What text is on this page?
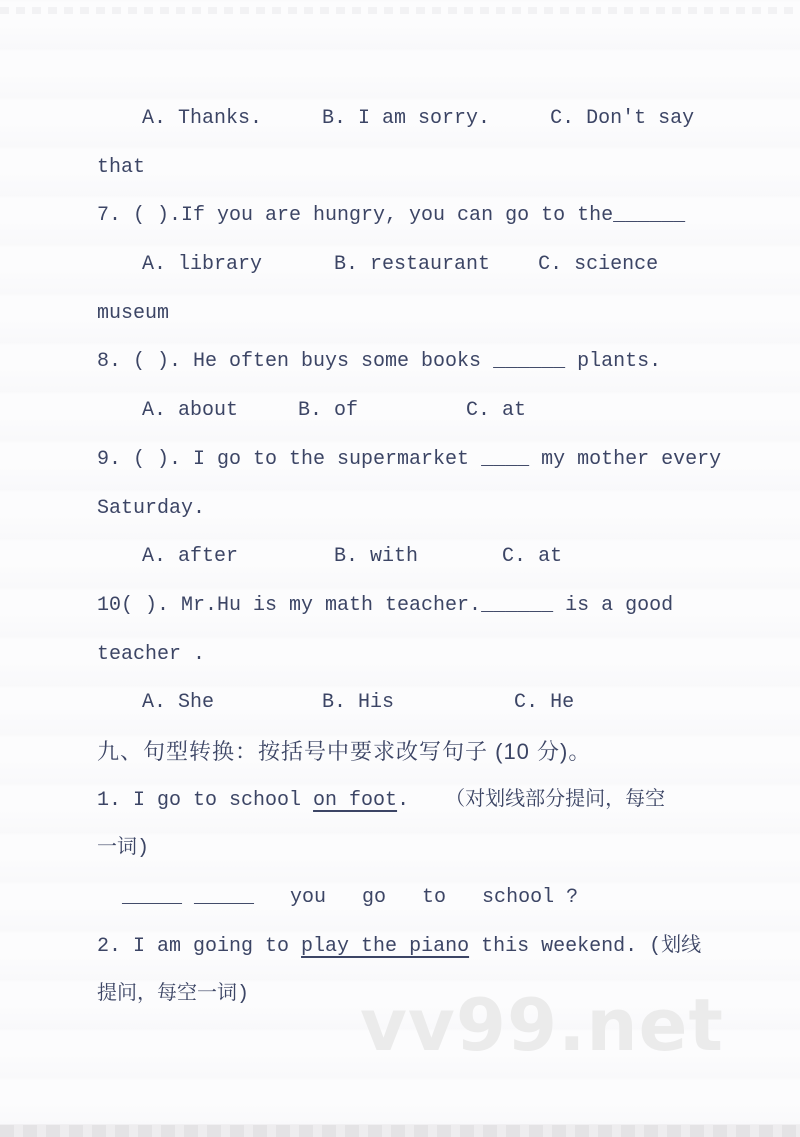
vv99.net
A. Thanks.     B. I am sorry.     C. Don't say
that
7. ( ).If you are hungry, you can go to the______
A. library      B. restaurant    C. science
museum
8. ( ). He often buys some books ______ plants.
A. about     B. of         C. at
9. ( ). I go to the supermarket ____ my mother every
Saturday.
A. after        B. with       C. at
10( ). Mr.Hu is my math teacher.______ is a good
teacher .
A. She         B. His          C. He
九、句型转换：按括号中要求改写句子 (10 分)。
1. I go to school on foot.   （对划线部分提问，每空
一词)
_____ _____   you   go   to   school ?
2. I am going to play the piano this weekend. (划线
提问，每空一词)
